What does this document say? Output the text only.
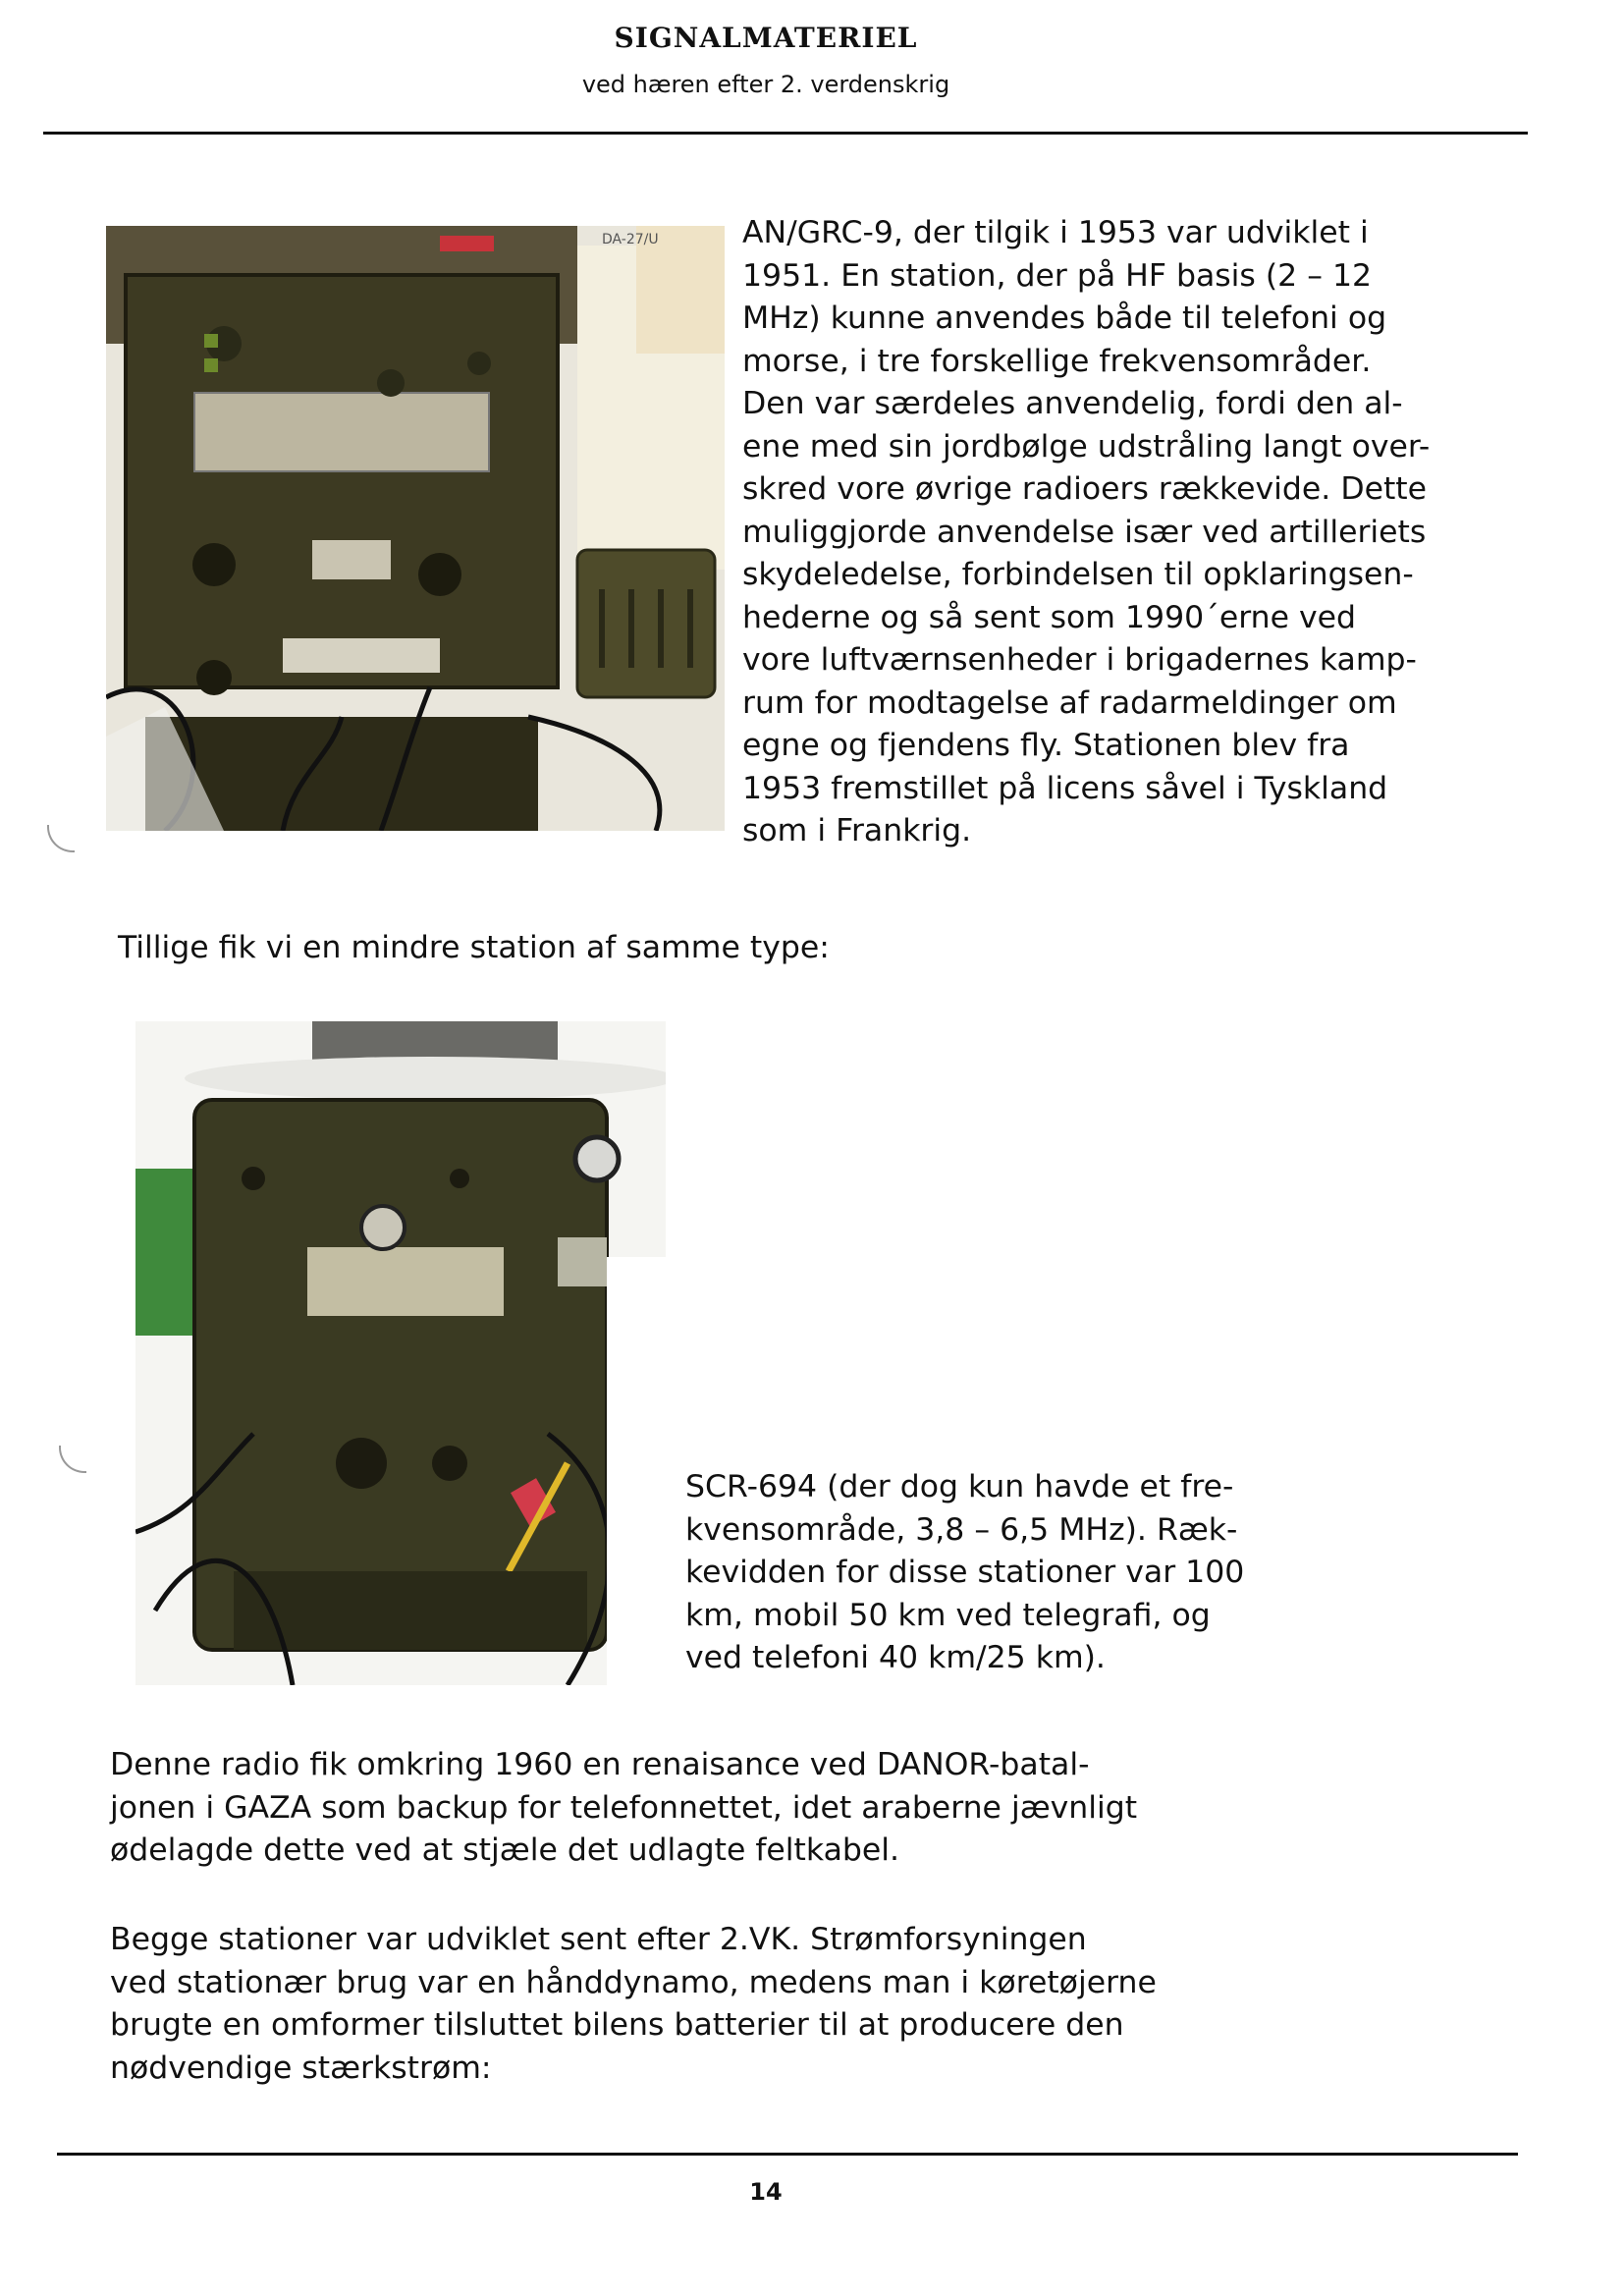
SIGNALMATERIEL
ved hæren efter 2. verdenskrig
DA-27/U	AN/GRC-9, der tilgik i 1953 var udviklet i

1951. En station, der på HF basis (2 – 12

MHz) kunne anvendes både til telefoni og

morse, i tre forskellige frekvensområder.

Den var særdeles anvendelig, fordi den al-

ene med sin jordbølge udstråling langt over-

skred vore øvrige radioers rækkevide. Dette

muliggjorde anvendelse især ved artilleriets

skydeledelse, forbindelsen til opklaringsen-

hederne og så sent som 1990´erne ved

vore luftværnsenheder i brigadernes kamp-

rum for modtagelse af radarmeldinger om

egne og fjendens fly. Stationen blev fra

1953 fremstillet på licens såvel i Tyskland

som i Frankrig.

Tillige fik vi en mindre station af samme type:

SCR-694 (der dog kun havde et fre-

kvensområde, 3,8 – 6,5 MHz). Ræk-

kevidden for disse stationer var 100

km, mobil 50 km ved telegrafi, og

ved telefoni 40 km/25 km).

Denne radio fik omkring 1960 en renaisance ved DANOR-batal-

jonen i GAZA som backup for telefonnettet, idet araberne jævnligt

ødelagde dette ved at stjæle det udlagte feltkabel.

Begge stationer var udviklet sent efter 2.VK. Strømforsyningen

ved stationær brug var en hånddynamo, medens man i køretøjerne

brugte en omformer tilsluttet bilens batterier til at producere den

nødvendige stærkstrøm:

14
